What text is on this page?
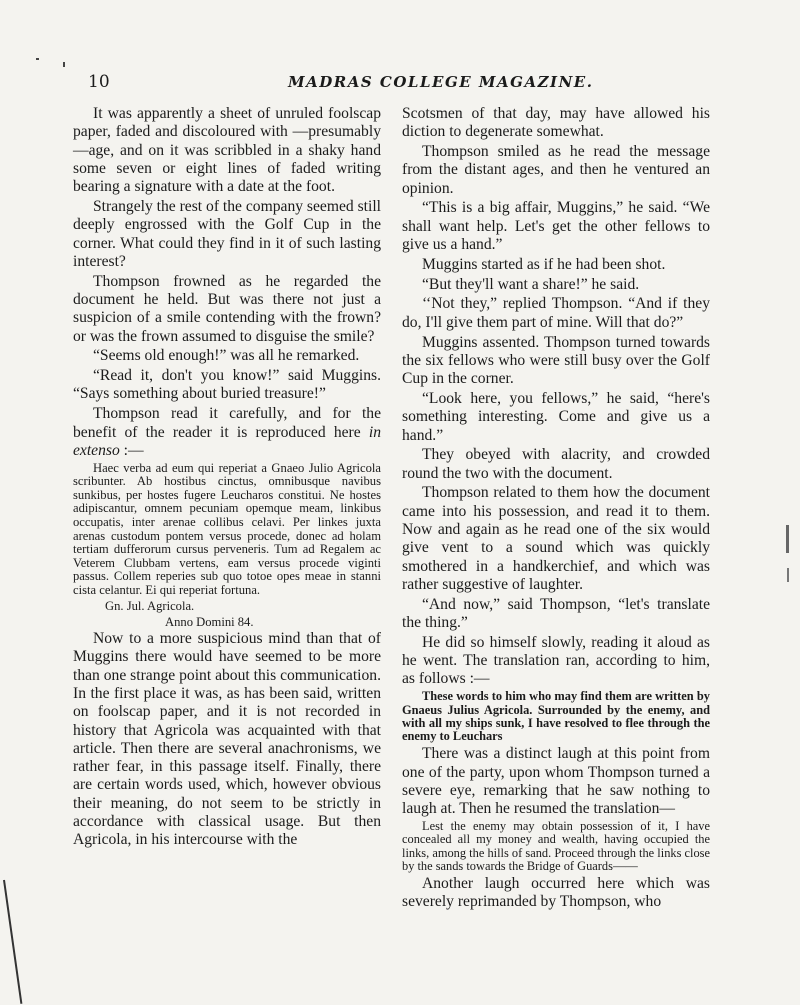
10	MADRAS COLLEGE MAGAZINE.

It was apparently a sheet of unruled foolscap paper, faded and discoloured with —presumably—age, and on it was scribbled in a shaky hand some seven or eight lines of faded writing bearing a signature with a date at the foot.

Strangely the rest of the company seemed still deeply engrossed with the Golf Cup in the corner. What could they find in it of such lasting interest?

Thompson frowned as he regarded the document he held. But was there not just a suspicion of a smile contending with the frown? or was the frown assumed to disguise the smile?

“Seems old enough!” was all he remarked.

“Read it, don't you know!” said Muggins. “Says something about buried treasure!”

Thompson read it carefully, and for the benefit of the reader it is reproduced here in extenso :—

Haec verba ad eum qui reperiat a Gnaeo Julio Agricola scribunter. Ab hostibus cinctus, omnibusque navibus sunkibus, per hostes fugere Leucharos constitui. Ne hostes adipiscantur, omnem pecuniam opemque meam, linkibus occupatis, inter arenae collibus celavi. Per linkes juxta arenas custodum pontem versus procede, donec ad holam tertiam dufferorum cursus perveneris. Tum ad Regalem ac Veterem Clubbam vertens, eam versus procede viginti passus. Collem reperies sub quo totoe opes meae in stanni cista celantur. Ei qui reperiat fortuna.

Gn. Jul. Agricola.

Anno Domini 84.

Now to a more suspicious mind than that of Muggins there would have seemed to be more than one strange point about this communication. In the first place it was, as has been said, written on foolscap paper, and it is not recorded in history that Agricola was acquainted with that article. Then there are several anachronisms, we rather fear, in this passage itself. Finally, there are certain words used, which, however obvious their meaning, do not seem to be strictly in accordance with classical usage. But then Agricola, in his intercourse with the

Scotsmen of that day, may have allowed his diction to degenerate somewhat.

Thompson smiled as he read the message from the distant ages, and then he ventured an opinion.

“This is a big affair, Muggins,” he said. “We shall want help. Let's get the other fellows to give us a hand.”

Muggins started as if he had been shot.

“But they'll want a share!” he said.

‘‘Not they,” replied Thompson. “And if they do, I'll give them part of mine. Will that do?”

Muggins assented. Thompson turned towards the six fellows who were still busy over the Golf Cup in the corner.

“Look here, you fellows,” he said, “here's something interesting. Come and give us a hand.”

They obeyed with alacrity, and crowded round the two with the document.

Thompson related to them how the document came into his possession, and read it to them. Now and again as he read one of the six would give vent to a sound which was quickly smothered in a handkerchief, and which was rather suggestive of laughter.

“And now,” said Thompson, “let's translate the thing.”

He did so himself slowly, reading it aloud as he went. The translation ran, according to him, as follows :—

These words to him who may find them are written by Gnaeus Julius Agricola. Surrounded by the enemy, and with all my ships sunk, I have resolved to flee through the enemy to Leuchars

There was a distinct laugh at this point from one of the party, upon whom Thompson turned a severe eye, remarking that he saw nothing to laugh at. Then he resumed the translation—

Lest the enemy may obtain possession of it, I have concealed all my money and wealth, having occupied the links, among the hills of sand. Proceed through the links close by the sands towards the Bridge of Guards——

Another laugh occurred here which was severely reprimanded by Thompson, who
